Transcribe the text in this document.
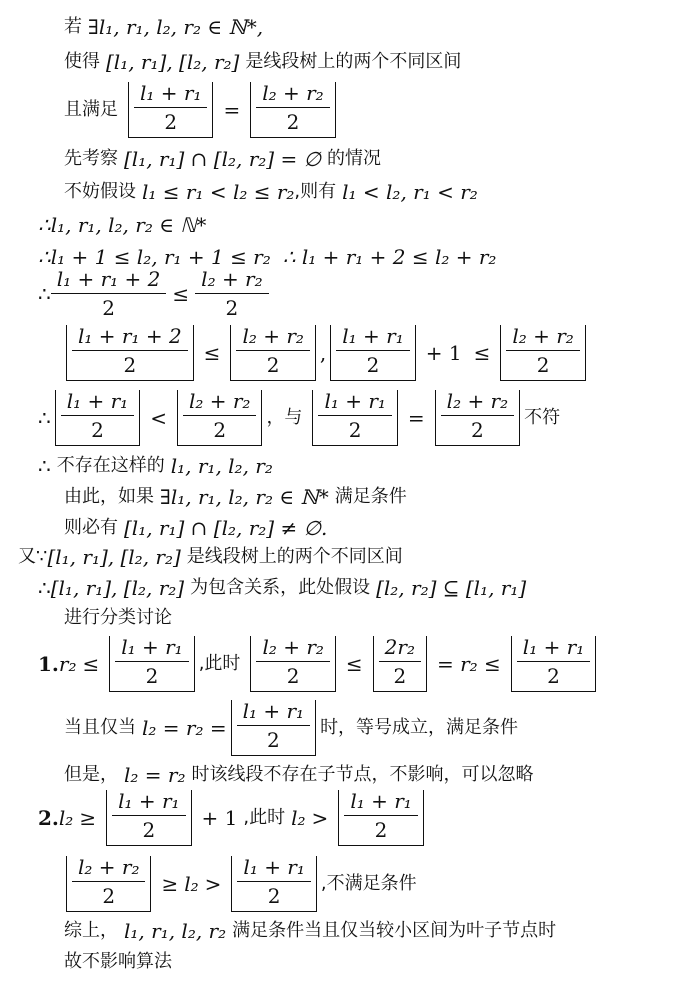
若 ∃l₁, r₁, l₂, r₂ ∈ ℕ*,
使得 [l₁, r₁], [l₂, r₂] 是线段树上的两个不同区间
且满足 $\frac{\text{l₁ + r₁}}{2} = \frac{\text{l₂ + r₂}}{2}$
先考察 [l₁, r₁] ∩ [l₂, r₂] = ∅ 的情况
不妨假设 l₁ ≤ r₁ < l₂ ≤ r₂ ,则有 l₁ < l₂, r₁ < r₂
∴l₁, r₁, l₂, r₂ ∈ ℕ*
∴l₁ + 1 ≤ l₂, r₁ + 1 ≤ r₂ ∴ l₁ + r₁ + 2 ≤ l₂ + r₂
∴ $\frac{\text{l₁ + r₁ + 2}}{2} \le \frac{\text{l₂ + r₂}}{2}$
$\frac{\text{l₁ + r₁ + 2}}{2} \le \frac{\text{l₂ + r₂}}{2}$ , $\frac{\text{l₁ + r₁}}{2} + 1 \le \frac{\text{l₂ + r₂}}{2}$
∴ $\frac{\text{l₁ + r₁}}{2} < \frac{\text{l₂ + r₂}}{2}$ ，与 $\frac{\text{l₁ + r₁}}{2} = \frac{\text{l₂ + r₂}}{2}$ 不符
∴ 不存在这样的 l₁, r₁, l₂, r₂
由此，如果 ∃l₁, r₁, l₂, r₂ ∈ ℕ* 满足条件
则必有 [l₁, r₁] ∩ [l₂, r₂] ≠ ∅.
又∵ [l₁, r₁], [l₂, r₂] 是线段树上的两个不同区间
∴ [l₁, r₁], [l₂, r₂] 为包含关系，此处假设 [l₂, r₂] ⊆ [l₁, r₁]
进行分类讨论
1. $r_2 \le \frac{\text{l₁ + r₁}}{2}$ ,此时 $\frac{\text{l₂ + r₂}}{2} \le \frac{\text{2r₂}}{2} = r_2 \le \frac{\text{l₁ + r₁}}{2}$
当且仅当 $l_2 = r_2 = \frac{\text{l₁ + r₁}}{2}$ 时，等号成立，满足条件
但是， l₂ = r₂ 时该线段不存在子节点，不影响，可以忽略
2. $l_2 \ge \frac{\text{l₁ + r₁}}{2} + 1$ ,此时 $l_2 > \frac{\text{l₁ + r₁}}{2}$
$\frac{\text{l₂ + r₂}}{2} \ge l_2 > \frac{\text{l₁ + r₁}}{2}$ ,不满足条件
综上， l₁, r₁, l₂, r₂ 满足条件当且仅当较小区间为叶子节点时
故不影响算法
